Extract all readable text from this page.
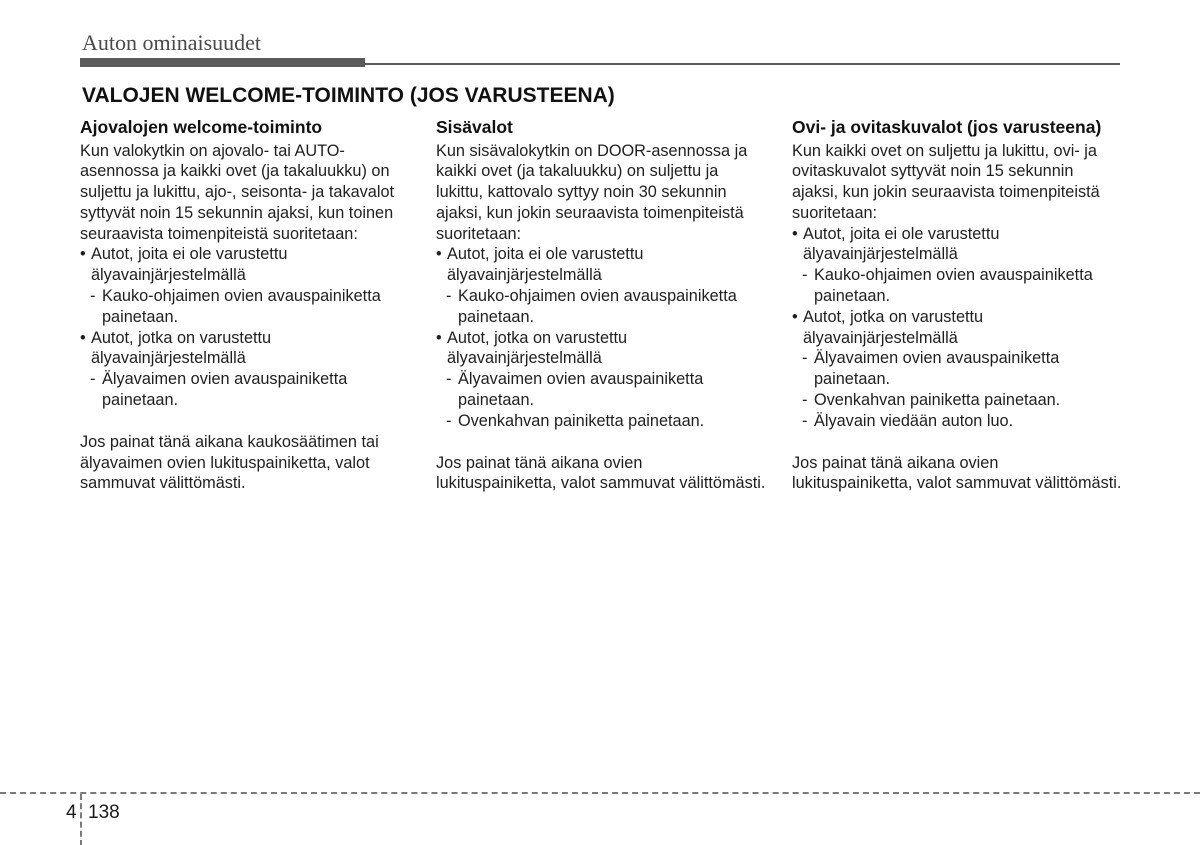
Auton ominaisuudet
VALOJEN WELCOME-TOIMINTO (JOS VARUSTEENA)
Ajovalojen welcome-toiminto

Kun valokytkin on ajovalo- tai AUTO-asennossa ja kaikki ovet (ja takaluukku) on suljettu ja lukittu, ajo-, seisonta- ja takavalot syttyvät noin 15 sekunnin ajaksi, kun toinen seuraavista toimenpiteistä suoritetaan:

• Autot, joita ei ole varustettu älyavainjärjestelmällä

- Kauko-ohjaimen ovien avauspainiketta painetaan.

• Autot, jotka on varustettu älyavainjärjestelmällä

- Älyavaimen ovien avauspainiketta painetaan.

Jos painat tänä aikana kaukosäätimen tai älyavaimen ovien lukituspainiketta, valot sammuvat välittömästi.

Sisävalot

Kun sisävalokytkin on DOOR-asennossa ja kaikki ovet (ja takaluukku) on suljettu ja lukittu, kattovalo syttyy noin 30 sekunnin ajaksi, kun jokin seuraavista toimenpiteistä suoritetaan:

• Autot, joita ei ole varustettu älyavainjärjestelmällä

- Kauko-ohjaimen ovien avauspainiketta painetaan.

• Autot, jotka on varustettu älyavainjärjestelmällä

- Älyavaimen ovien avauspainiketta painetaan.

- Ovenkahvan painiketta painetaan.

Jos painat tänä aikana ovien lukituspainiketta, valot sammuvat välittömästi.

Ovi- ja ovitaskuvalot (jos varusteena)

Kun kaikki ovet on suljettu ja lukittu, ovi- ja ovitaskuvalot syttyvät noin 15 sekunnin ajaksi, kun jokin seuraavista toimenpiteistä suoritetaan:

• Autot, joita ei ole varustettu älyavainjärjestelmällä

- Kauko-ohjaimen ovien avauspainiketta painetaan.

• Autot, jotka on varustettu älyavainjärjestelmällä

- Älyavaimen ovien avauspainiketta painetaan.

- Ovenkahvan painiketta painetaan.

- Älyavain viedään auton luo.

Jos painat tänä aikana ovien lukituspainiketta, valot sammuvat välittömästi.

4 138
